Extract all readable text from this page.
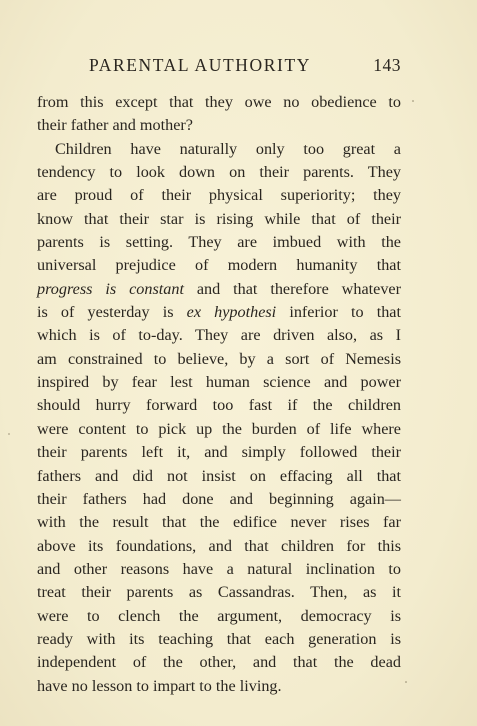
PARENTAL AUTHORITY	143
from this except that they owe no obedience to
their father and mother?
Children have naturally only too great a
tendency to look down on their parents. They
are proud of their physical superiority; they
know that their star is rising while that of their
parents is setting. They are imbued with the
universal prejudice of modern humanity that
progress is constant and that therefore whatever
is of yesterday is ex hypothesi inferior to that
which is of to-day. They are driven also, as I
am constrained to believe, by a sort of Nemesis
inspired by fear lest human science and power
should hurry forward too fast if the children
were content to pick up the burden of life where
their parents left it, and simply followed their
fathers and did not insist on effacing all that
their fathers had done and beginning again—
with the result that the edifice never rises far
above its foundations, and that children for this
and other reasons have a natural inclination to
treat their parents as Cassandras. Then, as it
were to clench the argument, democracy is
ready with its teaching that each generation is
independent of the other, and that the dead
have no lesson to impart to the living.
